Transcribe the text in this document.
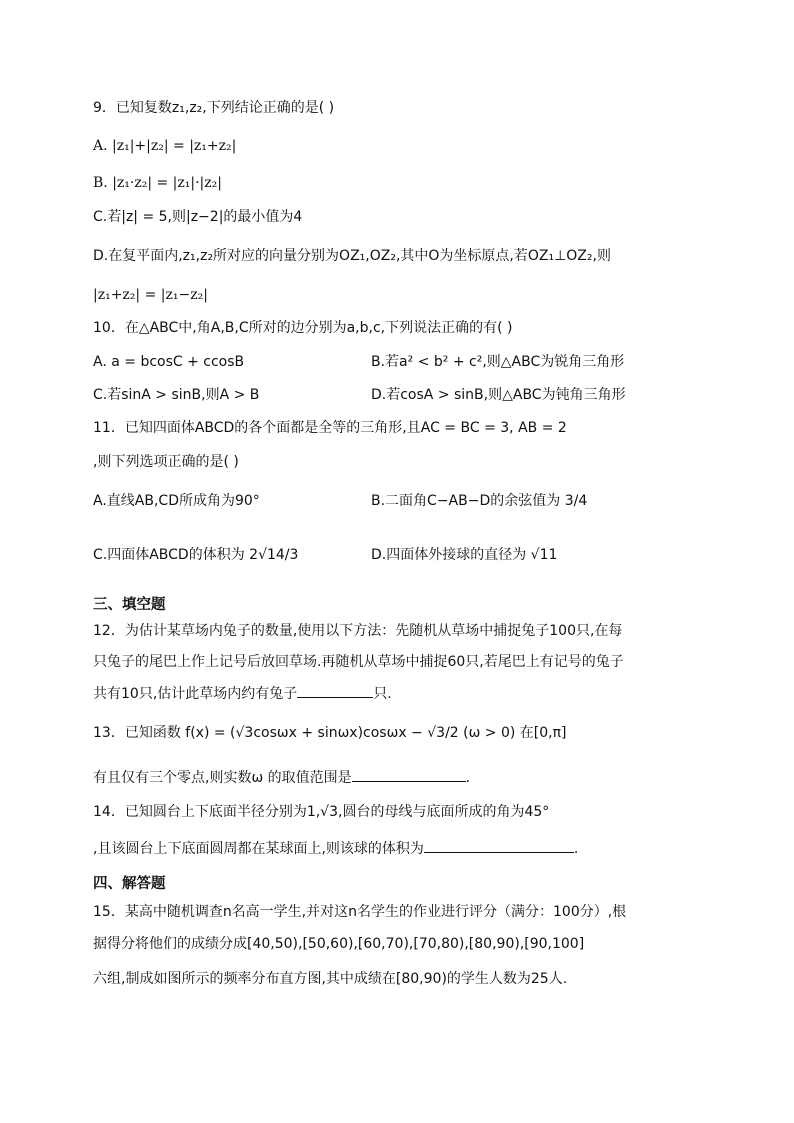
9．已知复数z₁,z₂,下列结论正确的是( )
A. |z₁|+|z₂| = |z₁+z₂|
B. |z₁·z₂| = |z₁|·|z₂|
C.若|z| = 5,则|z−2|的最小值为4
D.在复平面内,z₁,z₂所对应的向量分别为OZ₁,OZ₂,其中O为坐标原点,若OZ₁⊥OZ₂,则
|z₁+z₂| = |z₁−z₂|
10．在△ABC中,角A,B,C所对的边分别为a,b,c,下列说法正确的有( )
A. a = bcosC + ccosB	B.若a² < b² + c²,则△ABC为锐角三角形
C.若sinA > sinB,则A > B	D.若cosA > sinB,则△ABC为钝角三角形
11．已知四面体ABCD的各个面都是全等的三角形,且AC = BC = 3, AB = 2
,则下列选项正确的是( )
A.直线AB,CD所成角为90°	B.二面角C−AB−D的余弦值为 3/4
C.四面体ABCD的体积为 2√14/3	D.四面体外接球的直径为 √11
三、填空题
12．为估计某草场内兔子的数量,使用以下方法：先随机从草场中捕捉兔子100只,在每
只兔子的尾巴上作上记号后放回草场.再随机从草场中捕捉60只,若尾巴上有记号的兔子
共有10只,估计此草场内约有兔子	只.
13．已知函数 f(x) = (√3cosωx + sinωx)cosωx − √3/2 (ω > 0) 在[0,π]
有且仅有三个零点,则实数ω 的取值范围是	.
14．已知圆台上下底面半径分别为1,√3,圆台的母线与底面所成的角为45°
,且该圆台上下底面圆周都在某球面上,则该球的体积为	.
四、解答题
15．某高中随机调查n名高一学生,并对这n名学生的作业进行评分（满分：100分）,根
据得分将他们的成绩分成[40,50),[50,60),[60,70),[70,80),[80,90),[90,100]
六组,制成如图所示的频率分布直方图,其中成绩在[80,90)的学生人数为25人.
